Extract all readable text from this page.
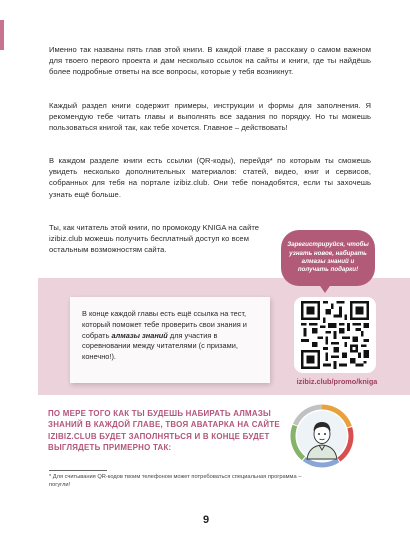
Именно так названы пять глав этой книги. В каждой главе я расскажу о самом важном для твоего первого проекта и дам несколько ссылок на сайты и книги, где ты найдёшь более подробные ответы на все вопросы, которые у тебя возникнут.

Каждый раздел книги содержит примеры, инструкции и формы для заполнения. Я рекомендую тебе читать главы и выполнять все задания по порядку. Но ты можешь пользоваться книгой так, как тебе хочется. Главное – действовать!

В каждом разделе книги есть ссылки (QR-коды), перейдя* по которым ты сможешь увидеть несколько дополнительных материалов: статей, видео, книг и сервисов, собранных для тебя на портале izibiz.club. Они тебе понадобятся, если ты захочешь узнать ещё больше.

Ты, как читатель этой книги, по промокоду KNIGA на сайте izibiz.club можешь получить бесплатный доступ ко всем остальным возможностям сайта.

Зарегистрируйся, чтобы узнать новое, набирать алмазы знаний и получать подарки!

В конце каждой главы есть ещё ссылка на тест, который поможет тебе проверить свои знания и собрать алмазы знаний для участия в соревновании между читателями (с призами, конечно!).

izibiz.club/promo/kniga

ПО МЕРЕ ТОГО КАК ТЫ БУДЕШЬ НАБИРАТЬ АЛМАЗЫ ЗНАНИЙ В КАЖДОЙ ГЛАВЕ, ТВОЯ АВАТАРКА НА САЙТЕ IZIBIZ.CLUB БУДЕТ ЗАПОЛНЯТЬСЯ И В КОНЦЕ БУДЕТ ВЫГЛЯДЕТЬ ПРИМЕРНО ТАК:

* Для считывания QR-кодов твоим телефоном может потребоваться специальная программа – погугли!

9
